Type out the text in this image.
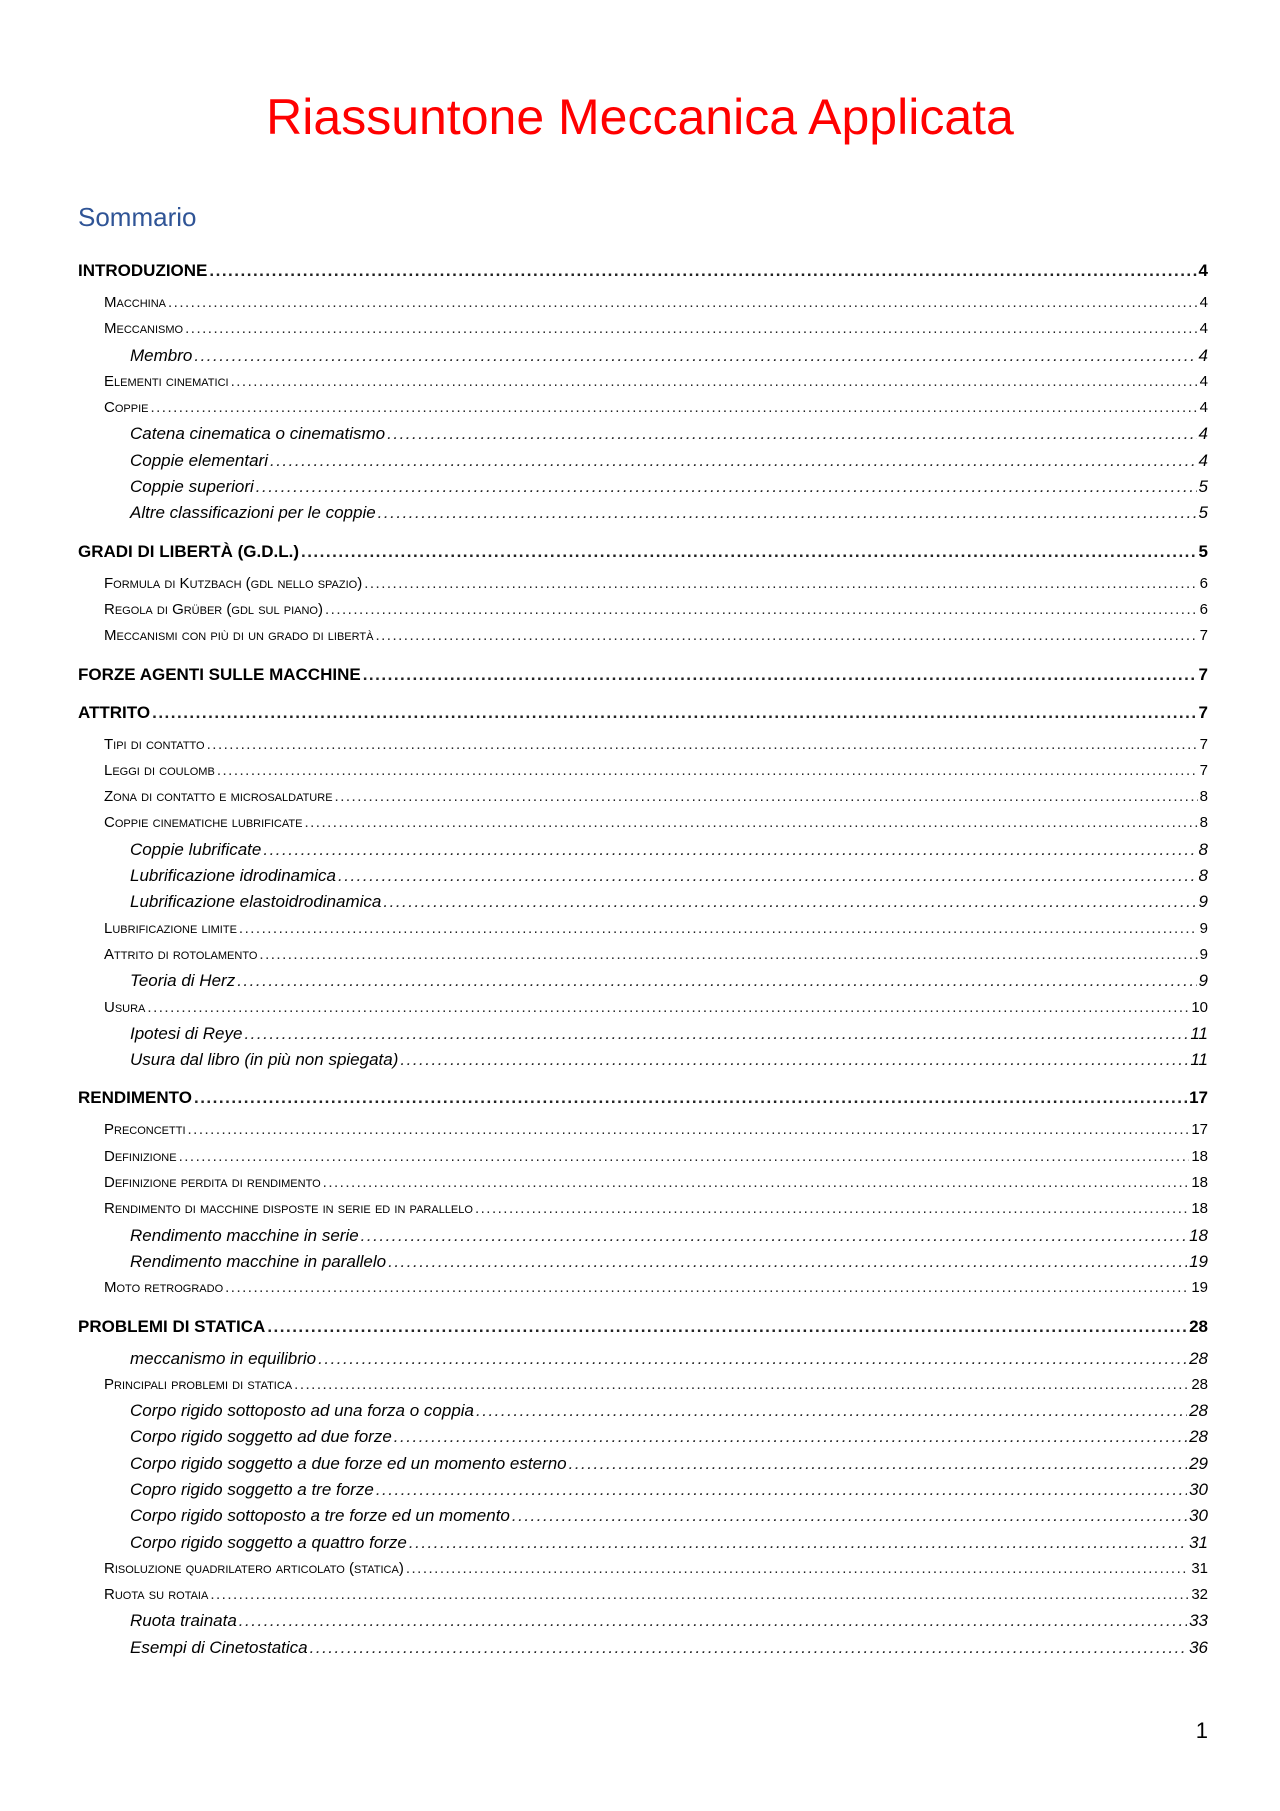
Riassuntone Meccanica Applicata
Sommario
INTRODUZIONE .....	4
Macchina .....	4
Meccanismo .....	4
Membro .....	4
Elementi cinematici .....	4
Coppie .....	4
Catena cinematica o cinematismo .....	4
Coppie elementari .....	4
Coppie superiori .....	5
Altre classificazioni per le coppie .....	5
GRADI DI LIBERTÀ (G.D.L.) .....	5
Formula di Kutzbach (gdl nello spazio) .....	6
Regola di Grüber (gdl sul piano) .....	6
Meccanismi con più di un grado di libertà .....	7
FORZE AGENTI SULLE MACCHINE .....	7
ATTRITO .....	7
Tipi di contatto .....	7
Leggi di coulomb .....	7
Zona di contatto e microsaldature .....	8
Coppie cinematiche lubrificate .....	8
Coppie lubrificate .....	8
Lubrificazione idrodinamica .....	8
Lubrificazione elastoidrodinamica .....	9
Lubrificazione limite .....	9
Attrito di rotolamento .....	9
Teoria di Herz .....	9
Usura .....	10
Ipotesi di Reye .....	11
Usura dal libro (in più non spiegata) .....	11
RENDIMENTO .....	17
Preconcetti .....	17
Definizione .....	18
Definizione perdita di rendimento .....	18
Rendimento di macchine disposte in serie ed in parallelo .....	18
Rendimento macchine in serie .....	18
Rendimento macchine in parallelo .....	19
Moto retrogrado .....	19
PROBLEMI DI STATICA .....	28
meccanismo in equilibrio .....	28
Principali problemi di statica .....	28
Corpo rigido sottoposto ad una forza o coppia .....	28
Corpo rigido soggetto ad due forze .....	28
Corpo rigido soggetto a due forze ed un momento esterno .....	29
Copro rigido soggetto a tre forze .....	30
Corpo rigido sottoposto a tre forze ed un momento .....	30
Corpo rigido soggetto a quattro forze .....	31
Risoluzione quadrilatero articolato (statica) .....	31
Ruota su rotaia .....	32
Ruota trainata .....	33
Esempi di Cinetostatica .....	36
1
